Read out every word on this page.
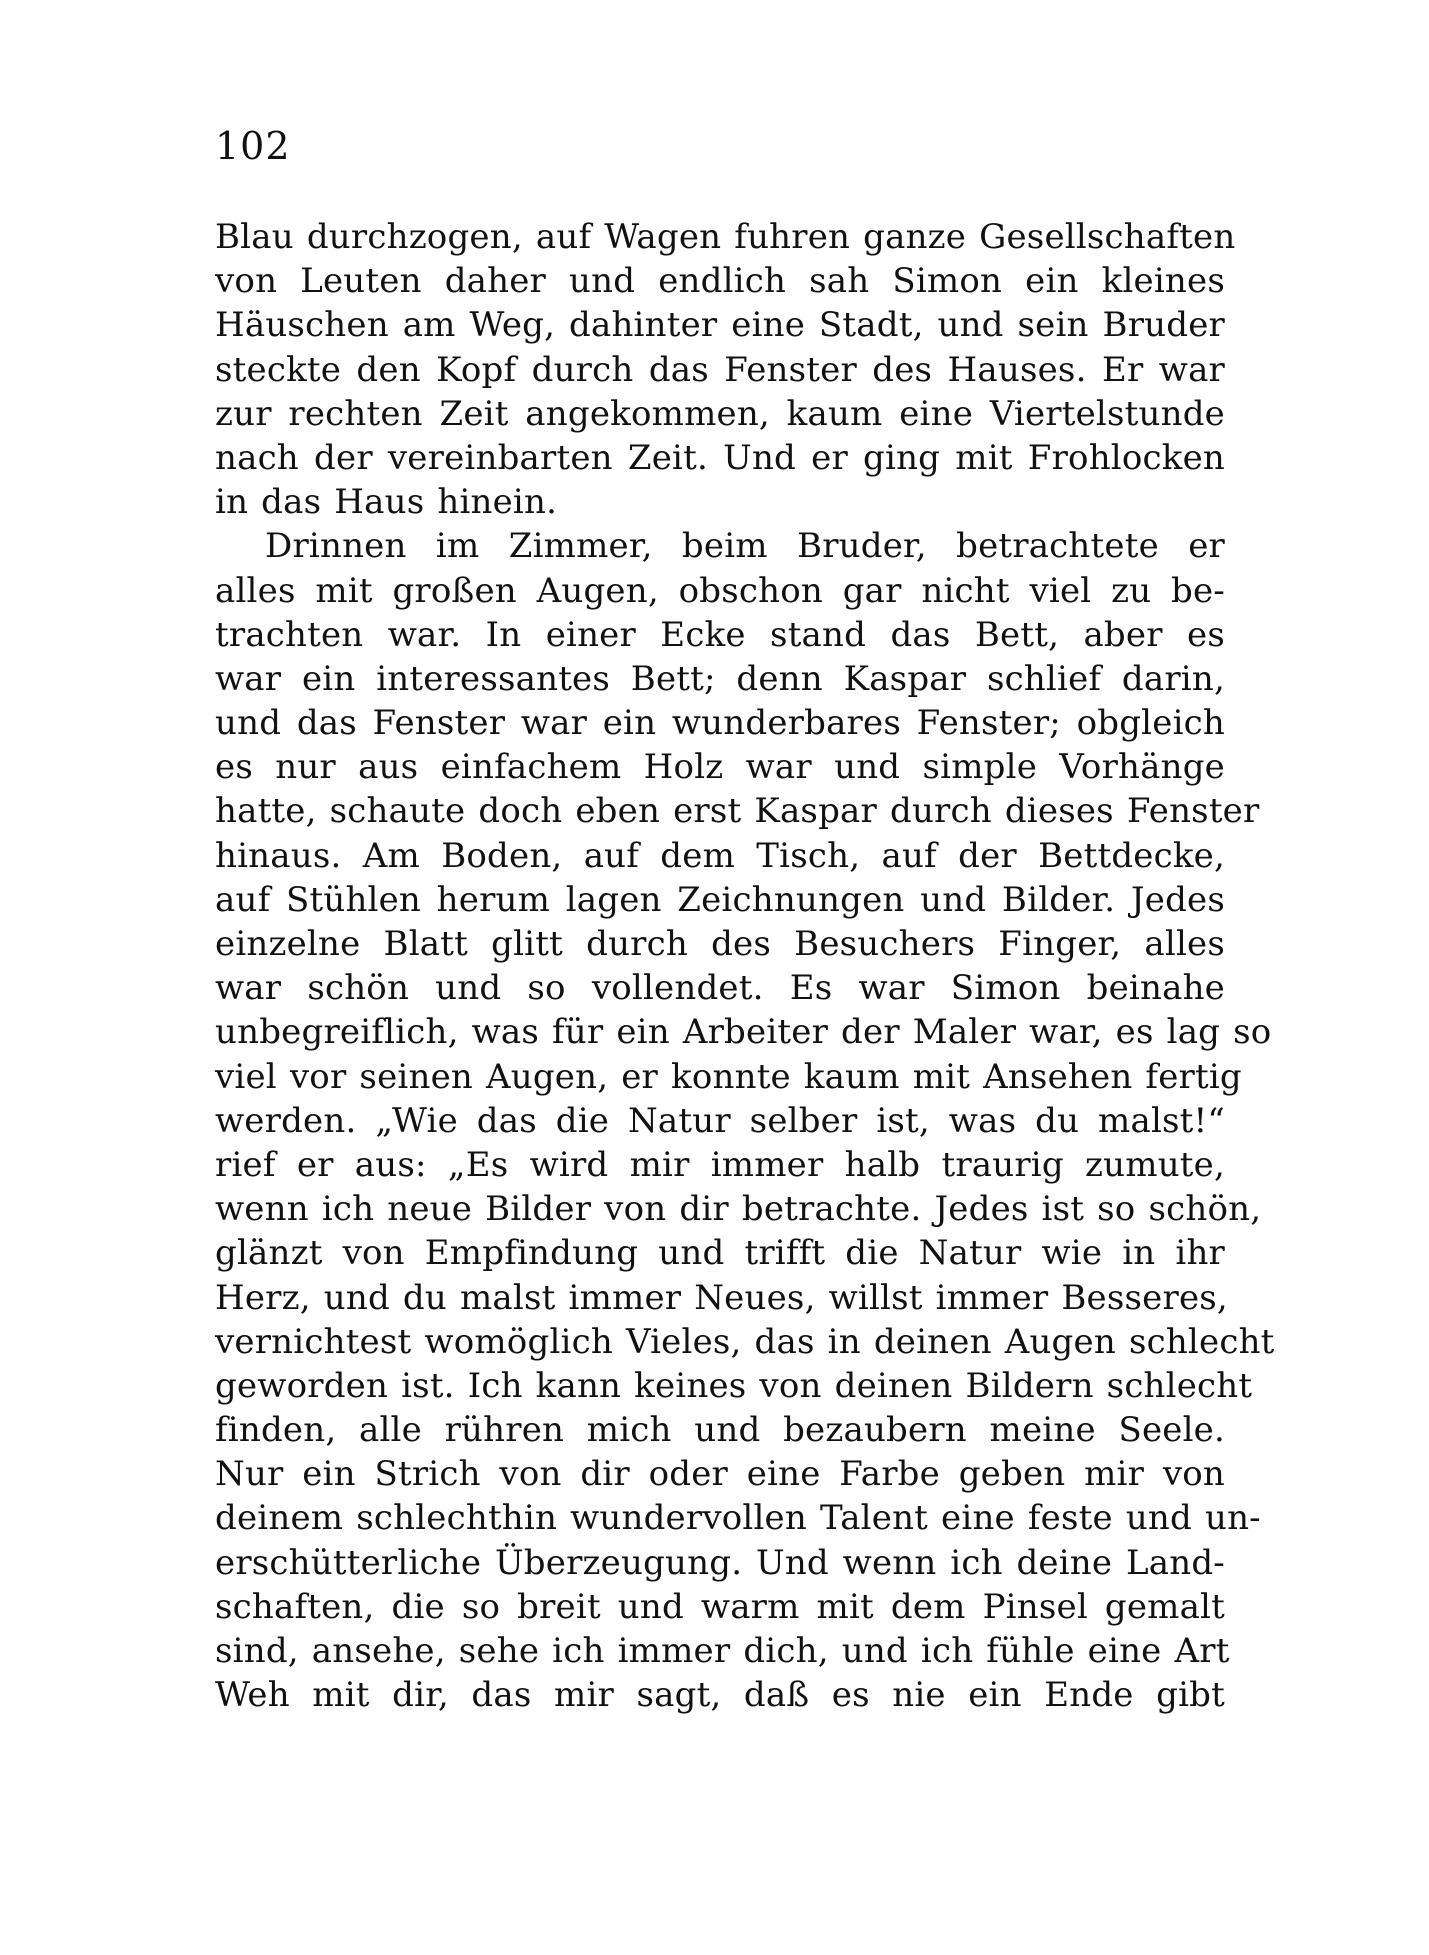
102
Blau durchzogen, auf Wagen fuhren ganze Gesellschaften
von Leuten daher und endlich sah Simon ein kleines
Häuschen am Weg, dahinter eine Stadt, und sein Bruder
steckte den Kopf durch das Fenster des Hauses. Er war
zur rechten Zeit angekommen, kaum eine Viertelstunde
nach der vereinbarten Zeit. Und er ging mit Frohlocken
in das Haus hinein.
Drinnen im Zimmer, beim Bruder, betrachtete er
alles mit großen Augen, obschon gar nicht viel zu be-
trachten war. In einer Ecke stand das Bett, aber es
war ein interessantes Bett; denn Kaspar schlief darin,
und das Fenster war ein wunderbares Fenster; obgleich
es nur aus einfachem Holz war und simple Vorhänge
hatte, schaute doch eben erst Kaspar durch dieses Fenster
hinaus. Am Boden, auf dem Tisch, auf der Bettdecke,
auf Stühlen herum lagen Zeichnungen und Bilder. Jedes
einzelne Blatt glitt durch des Besuchers Finger, alles
war schön und so vollendet. Es war Simon beinahe
unbegreiflich, was für ein Arbeiter der Maler war, es lag so
viel vor seinen Augen, er konnte kaum mit Ansehen fertig
werden. „Wie das die Natur selber ist, was du malst!“
rief er aus: „Es wird mir immer halb traurig zumute,
wenn ich neue Bilder von dir betrachte. Jedes ist so schön,
glänzt von Empfindung und trifft die Natur wie in ihr
Herz, und du malst immer Neues, willst immer Besseres,
vernichtest womöglich Vieles, das in deinen Augen schlecht
geworden ist. Ich kann keines von deinen Bildern schlecht
finden, alle rühren mich und bezaubern meine Seele.
Nur ein Strich von dir oder eine Farbe geben mir von
deinem schlechthin wundervollen Talent eine feste und un-
erschütterliche Überzeugung. Und wenn ich deine Land-
schaften, die so breit und warm mit dem Pinsel gemalt
sind, ansehe, sehe ich immer dich, und ich fühle eine Art
Weh mit dir, das mir sagt, daß es nie ein Ende gibt
